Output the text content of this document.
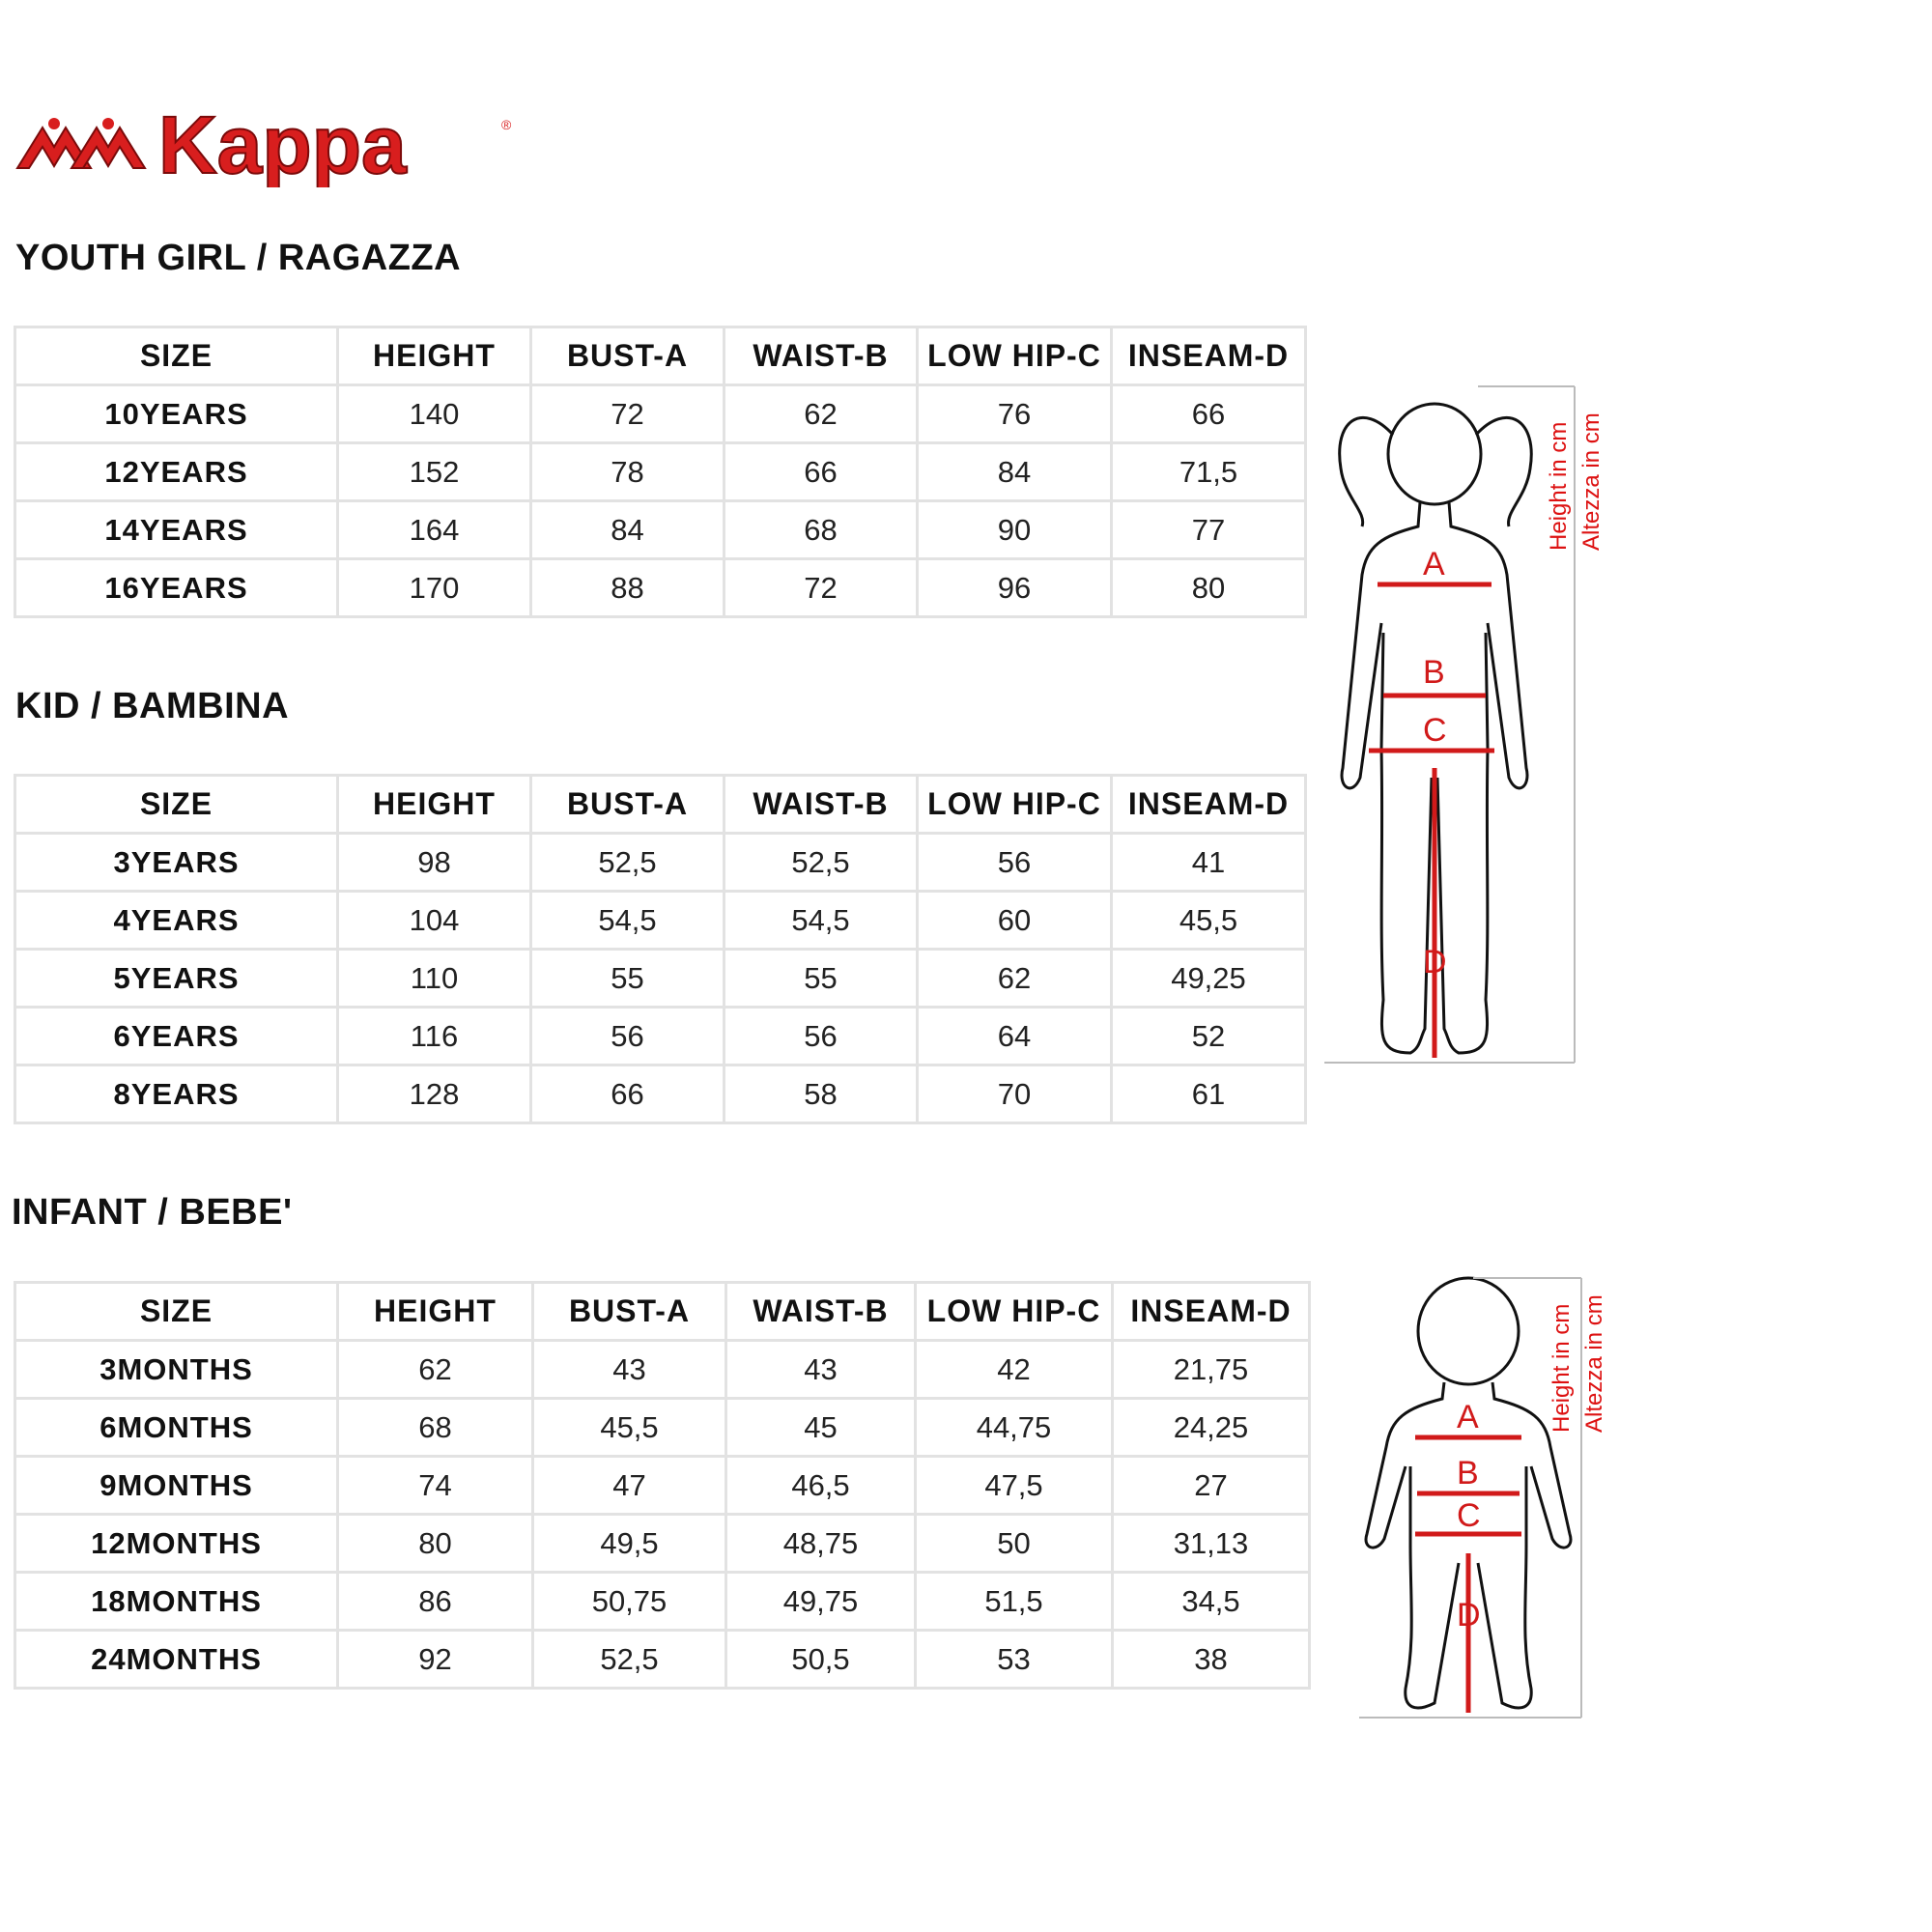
Kappa	®
YOUTH GIRL / RAGAZZA
SIZE	HEIGHT	BUST-A	WAIST-B	LOW HIP-C	INSEAM-D
10YEARS	140	72	62	76	66
12YEARS	152	78	66	84	71,5
14YEARS	164	84	68	90	77
16YEARS	170	88	72	96	80
KID / BAMBINA
SIZE	HEIGHT	BUST-A	WAIST-B	LOW HIP-C	INSEAM-D
3YEARS	98	52,5	52,5	56	41
4YEARS	104	54,5	54,5	60	45,5
5YEARS	110	55	55	62	49,25
6YEARS	116	56	56	64	52
8YEARS	128	66	58	70	61
INFANT / BEBE'
SIZE	HEIGHT	BUST-A	WAIST-B	LOW HIP-C	INSEAM-D
3MONTHS	62	43	43	42	21,75
6MONTHS	68	45,5	45	44,75	24,25
9MONTHS	74	47	46,5	47,5	27
12MONTHS	80	49,5	48,75	50	31,13
18MONTHS	86	50,75	49,75	51,5	34,5
24MONTHS	92	52,5	50,5	53	38
A
B
C
D
Height in cm Altezza in cm
A
B
C
D
Height in cm Altezza in cm
